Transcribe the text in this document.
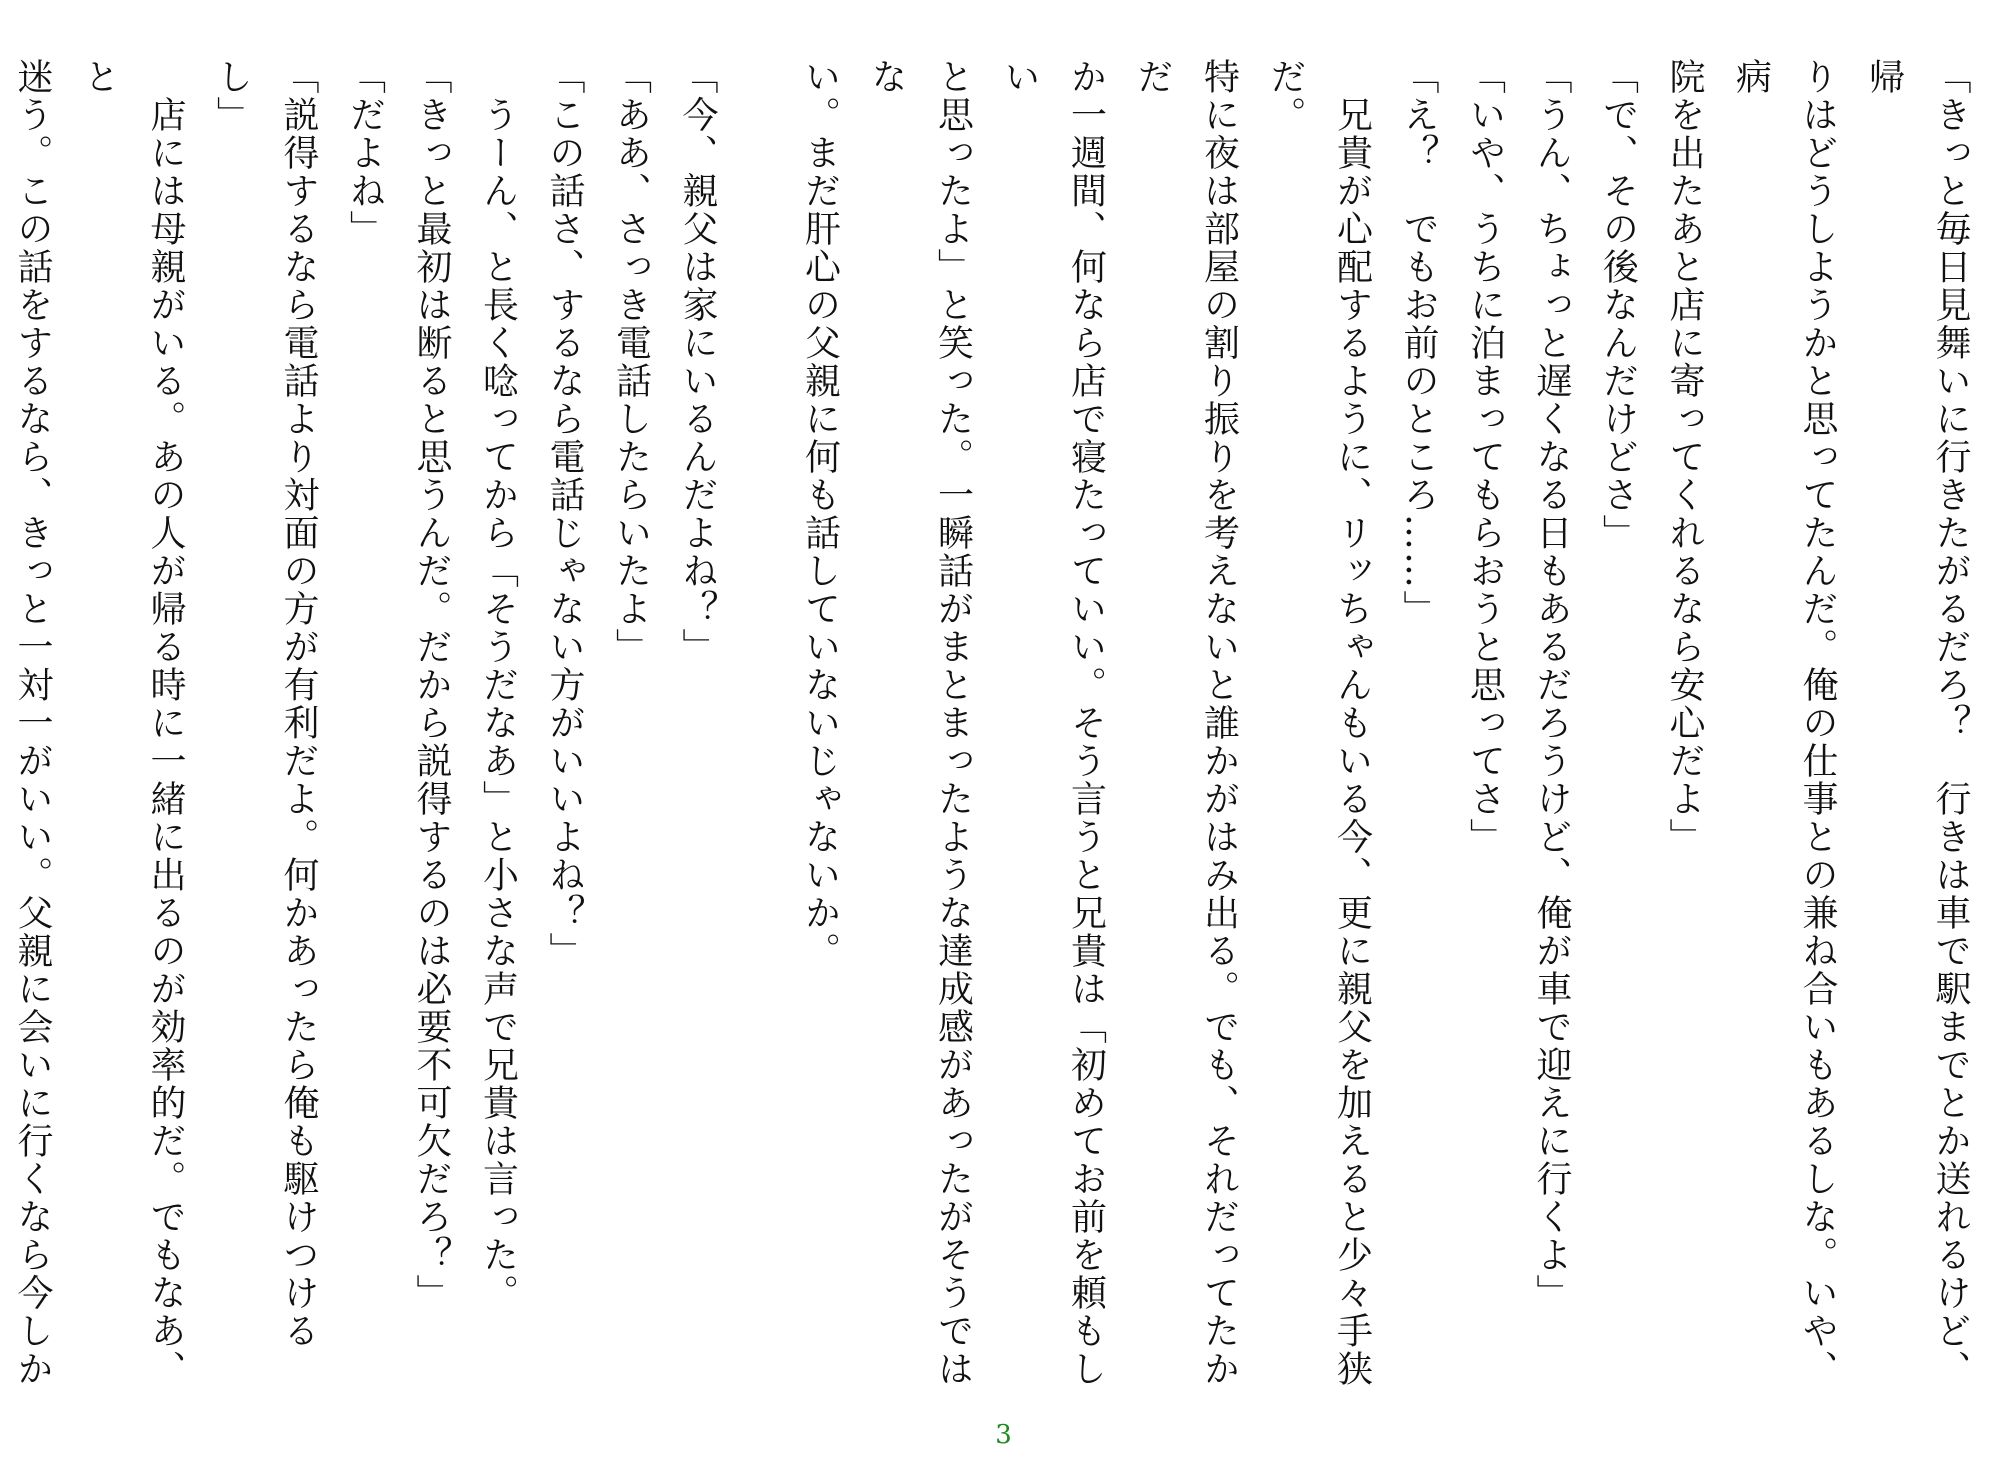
「きっと毎日見舞いに行きたがるだろ？　行きは車で駅までとか送れるけど、帰

りはどうしようかと思ってたんだ。俺の仕事との兼ね合いもあるしな。いや、病

院を出たあと店に寄ってくれるなら安心だよ」

「で、その後なんだけどさ」

「うん、ちょっと遅くなる日もあるだろうけど、俺が車で迎えに行くよ」

「いや、うちに泊まってもらおうと思ってさ」

「え？　でもお前のところ……」

　兄貴が心配するように、リッちゃんもいる今、更に親父を加えると少々手狭だ。

特に夜は部屋の割り振りを考えないと誰かがはみ出る。でも、それだってたかだ

か一週間、何なら店で寝たっていい。そう言うと兄貴は「初めてお前を頼もしい

と思ったよ」と笑った。一瞬話がまとまったような達成感があったがそうではな

い。まだ肝心の父親に何も話していないじゃないか。

「今、親父は家にいるんだよね？」

「ああ、さっき電話したらいたよ」

「この話さ、するなら電話じゃない方がいいよね？」

　うーん、と長く唸ってから「そうだなあ」と小さな声で兄貴は言った。

「きっと最初は断ると思うんだ。だから説得するのは必要不可欠だろ？」

「だよね」

「説得するなら電話より対面の方が有利だよ。何かあったら俺も駆けつけるし」

　店には母親がいる。あの人が帰る時に一緒に出るのが効率的だ。でもなあ、と

迷う。この話をするなら、きっと一対一がいい。父親に会いに行くなら今しか

3
